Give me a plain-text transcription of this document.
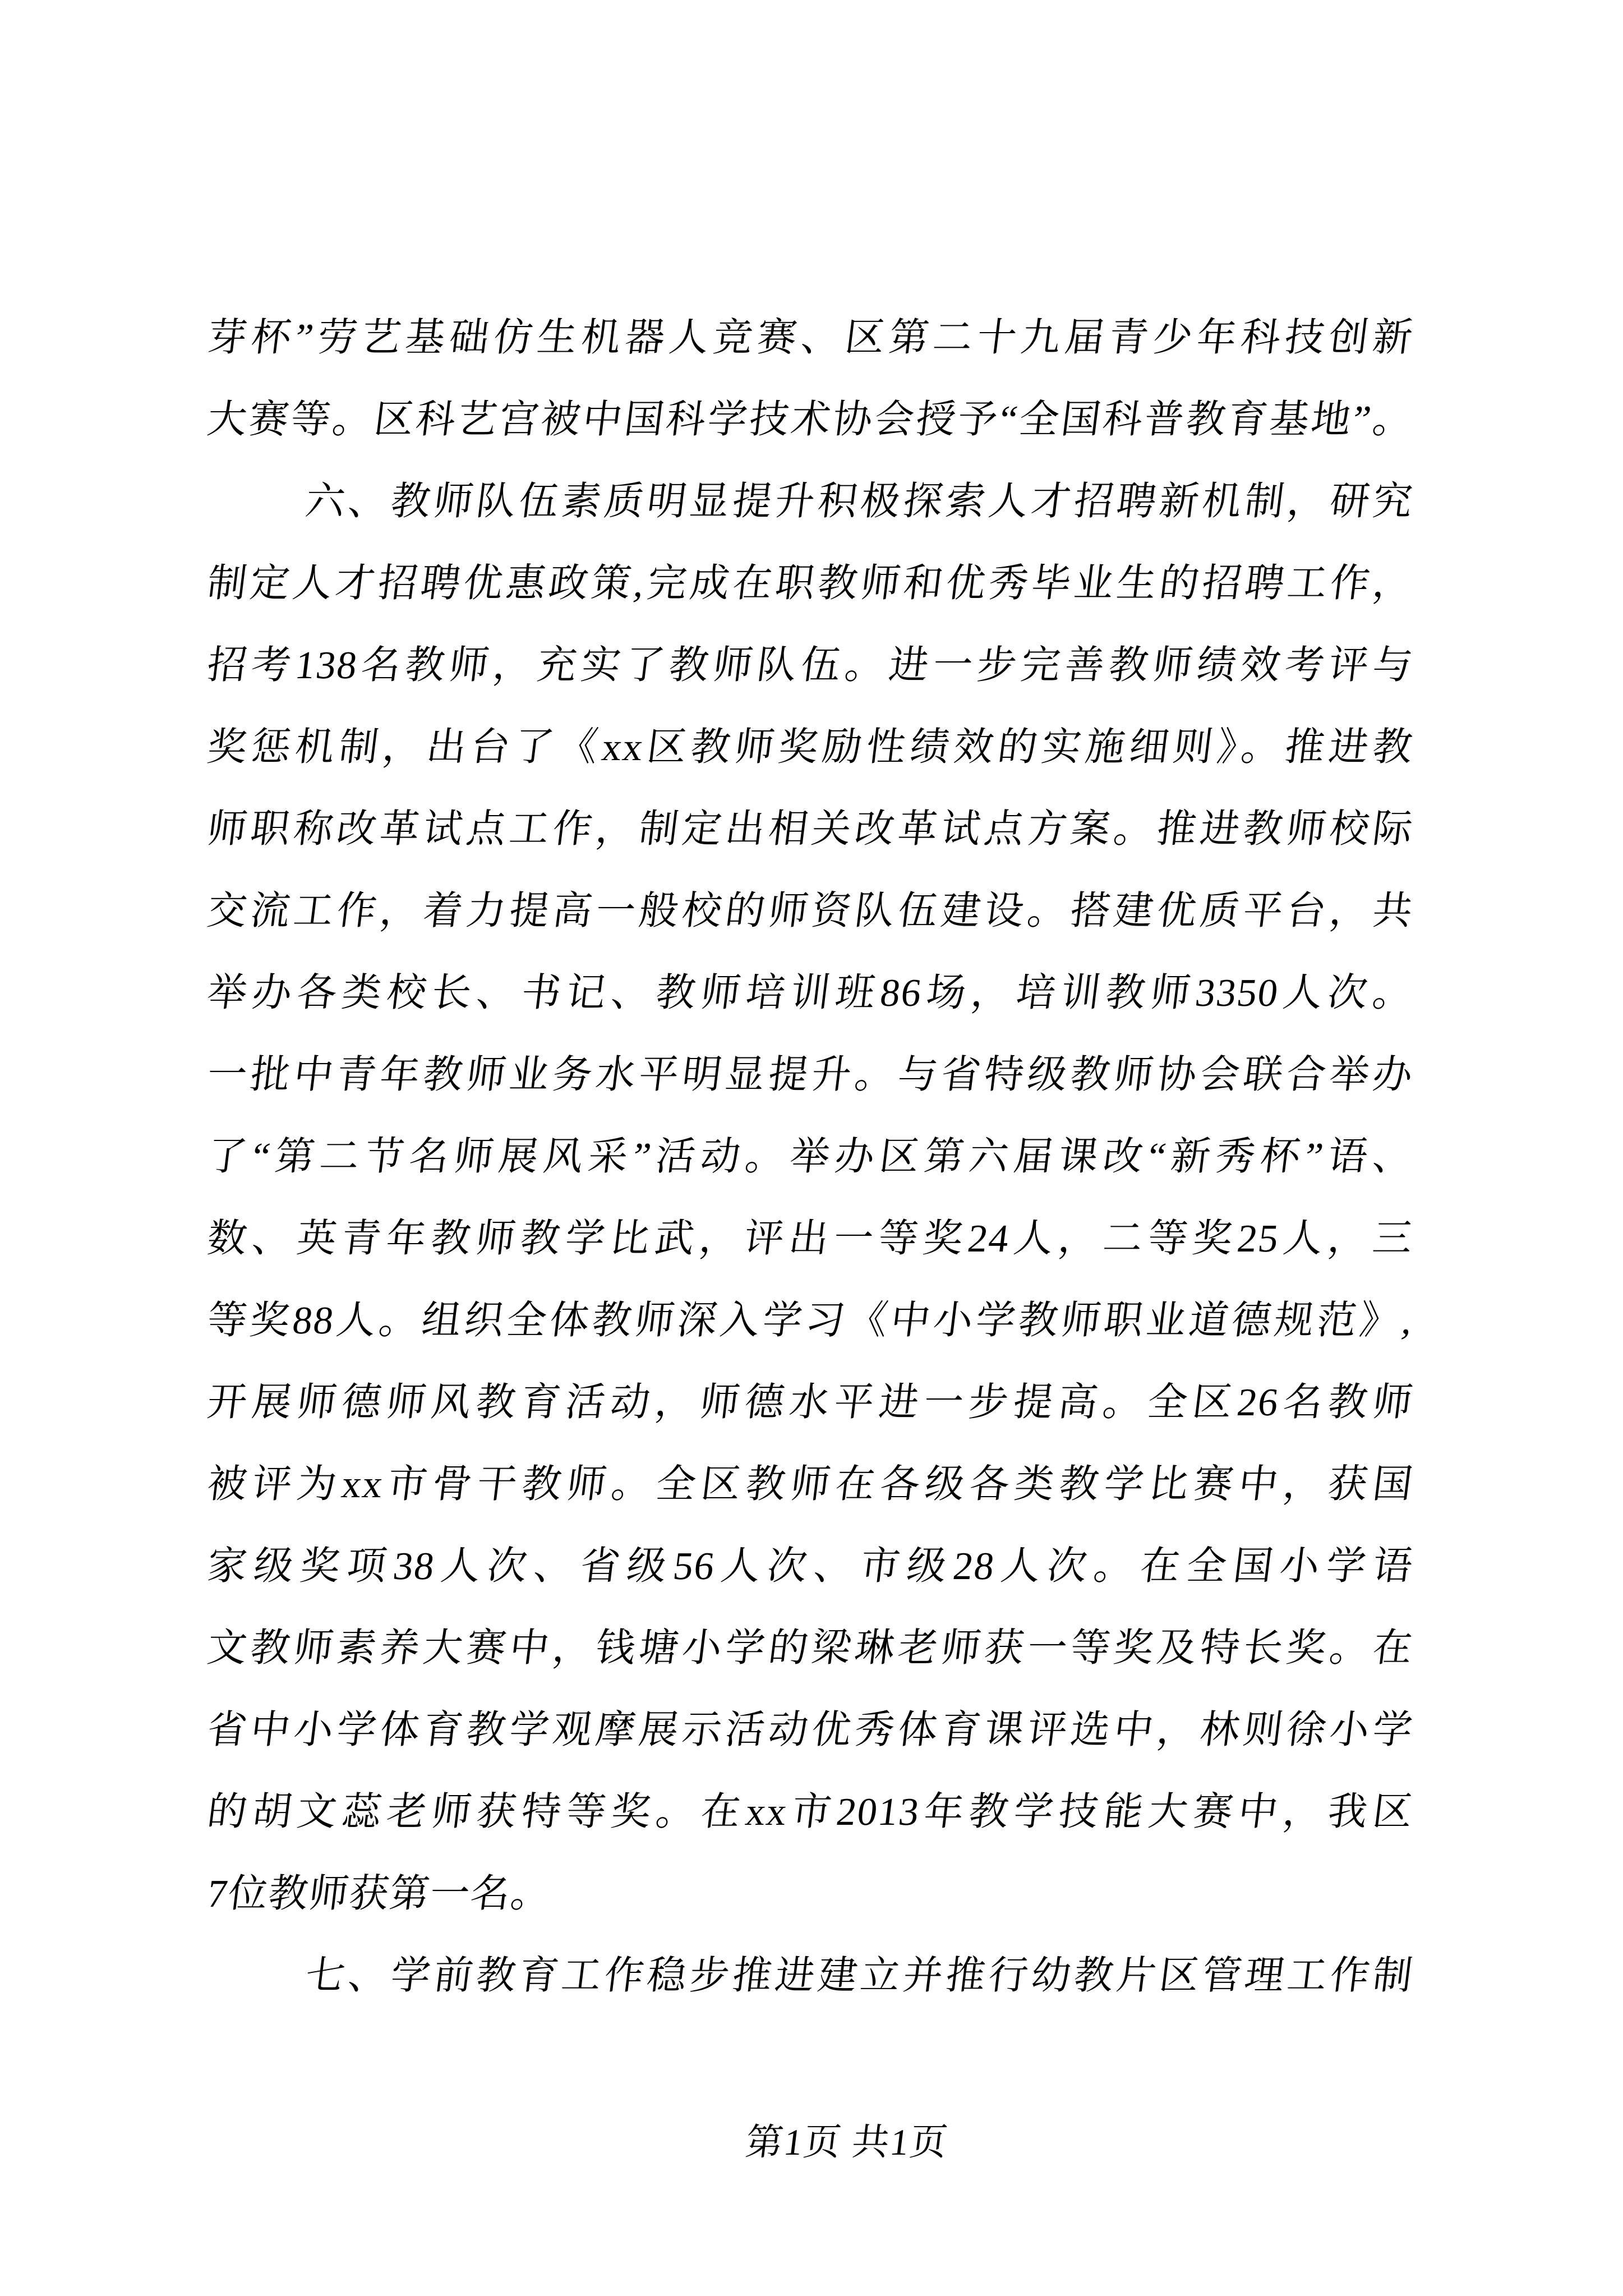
芽杯”劳艺基础仿生机器人竞赛、区第二十九届青少年科技创新
大赛等。区科艺宫被中国科学技术协会授予“全国科普教育基地”。
六、教师队伍素质明显提升积极探索人才招聘新机制，研究
制定人才招聘优惠政策,完成在职教师和优秀毕业生的招聘工作，
招考138名教师，充实了教师队伍。进一步完善教师绩效考评与
奖惩机制，出台了《xx区教师奖励性绩效的实施细则》。推进教
师职称改革试点工作，制定出相关改革试点方案。推进教师校际
交流工作，着力提高一般校的师资队伍建设。搭建优质平台，共
举办各类校长、书记、教师培训班86场，培训教师3350人次。
一批中青年教师业务水平明显提升。与省特级教师协会联合举办
了“第二节名师展风采”活动。举办区第六届课改“新秀杯”语、
数、英青年教师教学比武，评出一等奖24人，二等奖25人，三
等奖88人。组织全体教师深入学习《中小学教师职业道德规范》,
开展师德师风教育活动，师德水平进一步提高。全区26名教师
被评为xx市骨干教师。全区教师在各级各类教学比赛中，获国
家级奖项38人次、省级56人次、市级28人次。在全国小学语
文教师素养大赛中，钱塘小学的梁琳老师获一等奖及特长奖。在
省中小学体育教学观摩展示活动优秀体育课评选中，林则徐小学
的胡文蕊老师获特等奖。在xx市2013年教学技能大赛中，我区
7位教师获第一名。
七、学前教育工作稳步推进建立并推行幼教片区管理工作制
第1页 共1页
